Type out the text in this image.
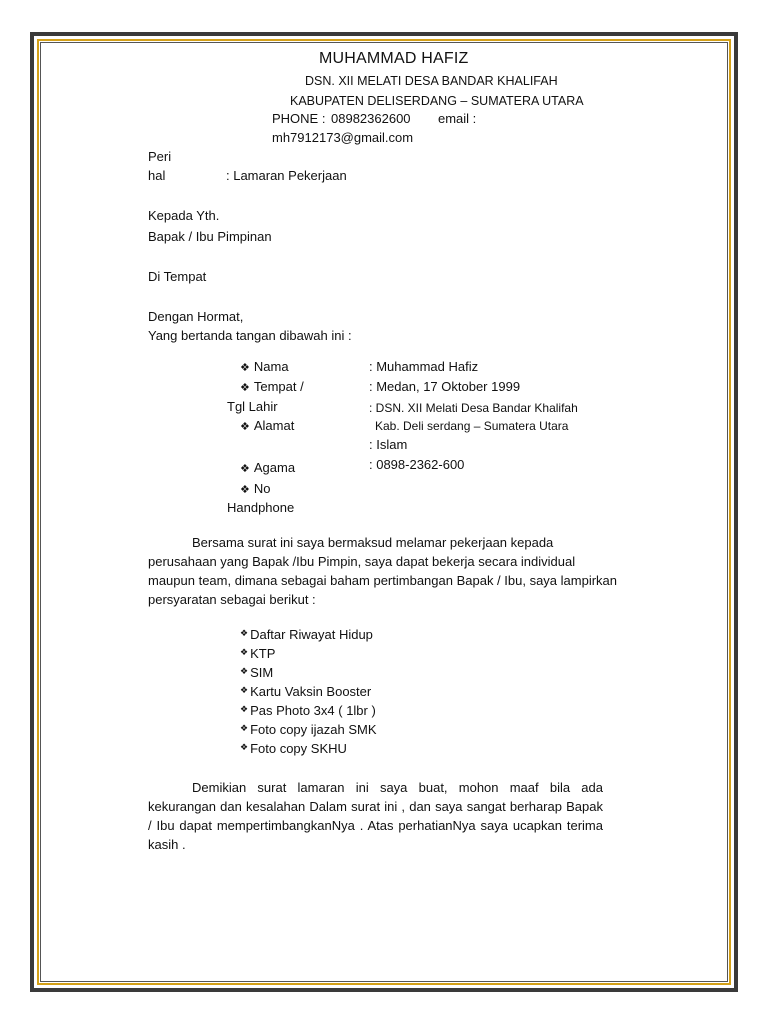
MUHAMMAD HAFIZ
DSN. XII MELATI DESA BANDAR KHALIFAH
KABUPATEN DELISERDANG – SUMATERA UTARA
PHONE : 08982362600 email :
mh7912173@gmail.com
Peri
hal	: Lamaran Pekerjaan
Kepada Yth.
Bapak / Ibu Pimpinan
Di Tempat
Dengan Hormat,
Yang bertanda tangan dibawah ini :
❖ Nama
❖ Tempat /
Tgl Lahir
❖ Alamat
❖ Agama
❖ No
Handphone
: Muhammad Hafiz
: Medan, 17 Oktober 1999
: DSN. XII Melati Desa Bandar Khalifah
Kab. Deli serdang – Sumatera Utara
: Islam
: 0898-2362-600
Bersama surat ini saya bermaksud melamar pekerjaan kepada perusahaan yang Bapak /Ibu Pimpin, saya dapat bekerja secara individual maupun team, dimana sebagai baham pertimbangan Bapak / Ibu, saya lampirkan persyaratan sebagai berikut :
❖ Daftar Riwayat Hidup
❖ KTP
❖ SIM
❖ Kartu Vaksin Booster
❖ Pas Photo 3x4 ( 1lbr )
❖ Foto copy ijazah SMK
❖ Foto copy SKHU
Demikian surat lamaran ini saya buat, mohon maaf bila ada kekurangan dan kesalahan Dalam surat ini , dan saya sangat berharap Bapak / Ibu dapat mempertimbangkanNya . Atas perhatianNya saya ucapkan terima kasih .
